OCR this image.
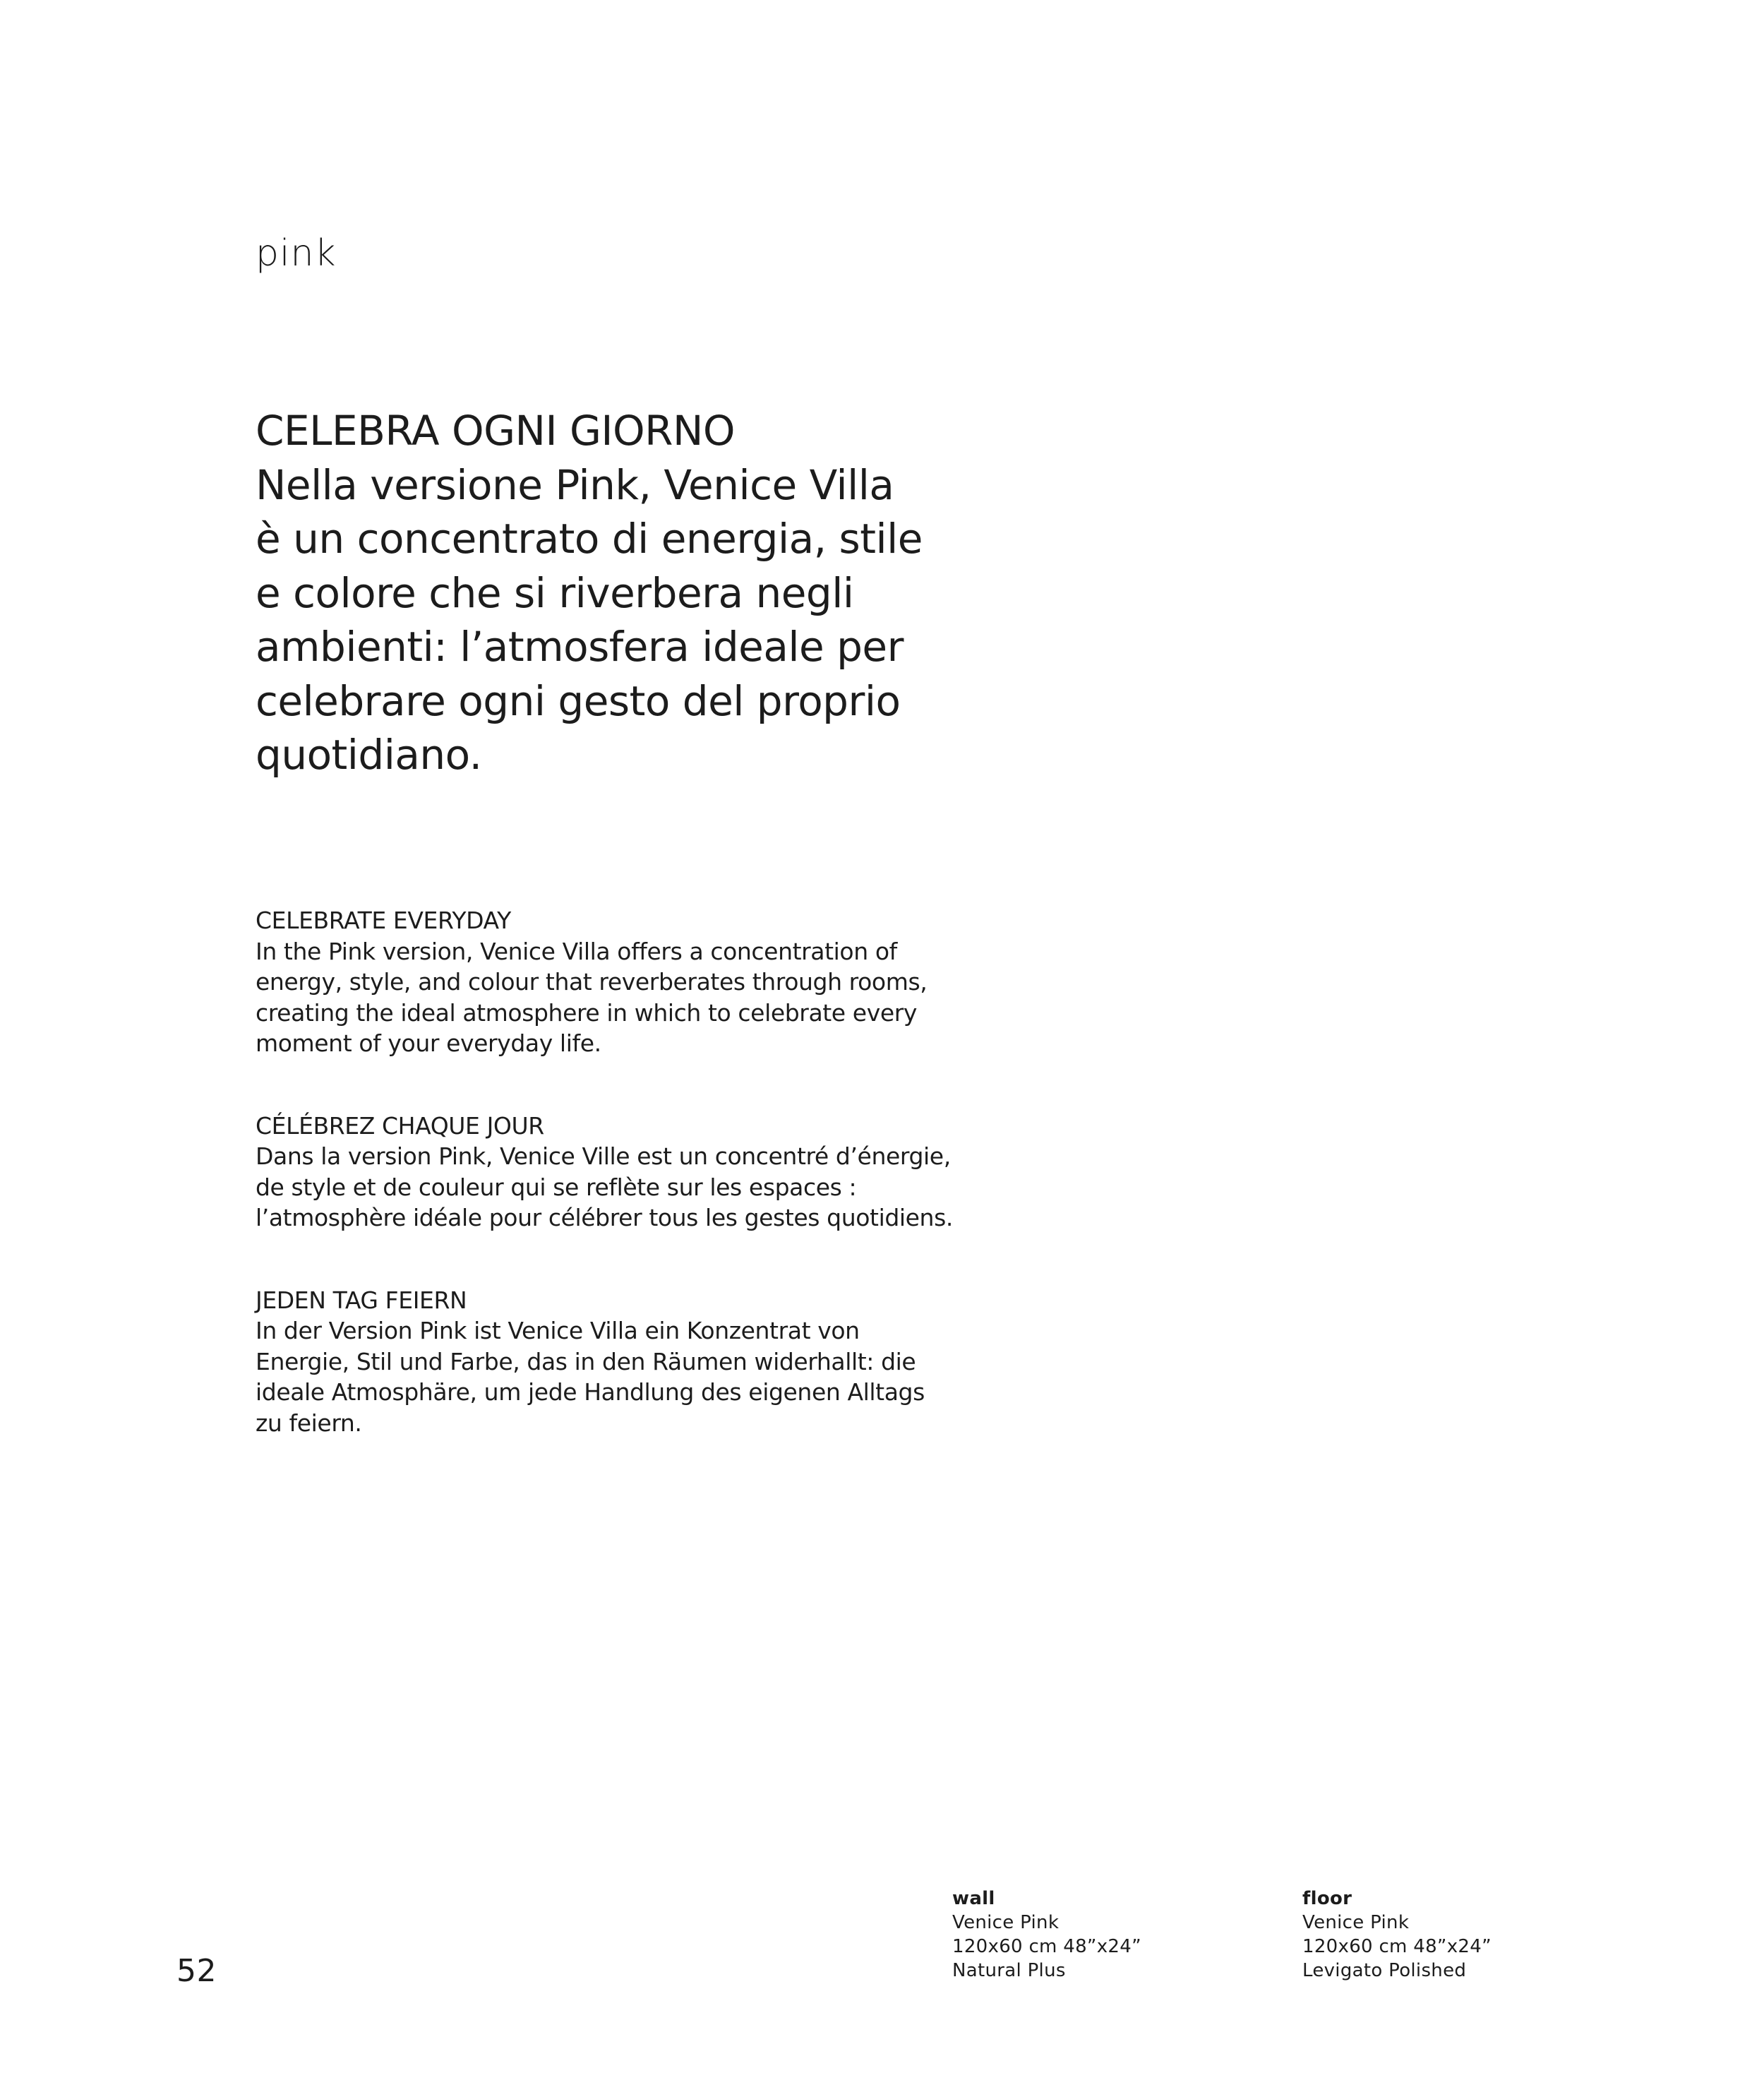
pink
CELEBRA OGNI GIORNO
Nella versione Pink, Venice Villa
è un concentrato di energia, stile
e colore che si riverbera negli
ambienti: l’atmosfera ideale per
celebrare ogni gesto del proprio
quotidiano.
CELEBRATE EVERYDAY
In the Pink version, Venice Villa offers a concentration of
energy, style, and colour that reverberates through rooms,
creating the ideal atmosphere in which to celebrate every
moment of your everyday life.
CÉLÉBREZ CHAQUE JOUR
Dans la version Pink, Venice Ville est un concentré d’énergie,
de style et de couleur qui se reflète sur les espaces :
l’atmosphère idéale pour célébrer tous les gestes quotidiens.
JEDEN TAG FEIERN
In der Version Pink ist Venice Villa ein Konzentrat von
Energie, Stil und Farbe, das in den Räumen widerhallt: die
ideale Atmosphäre, um jede Handlung des eigenen Alltags
zu feiern.
52
wall
Venice Pink
120x60 cm 48”x24”
Natural Plus
floor
Venice Pink
120x60 cm 48”x24”
Levigato Polished
